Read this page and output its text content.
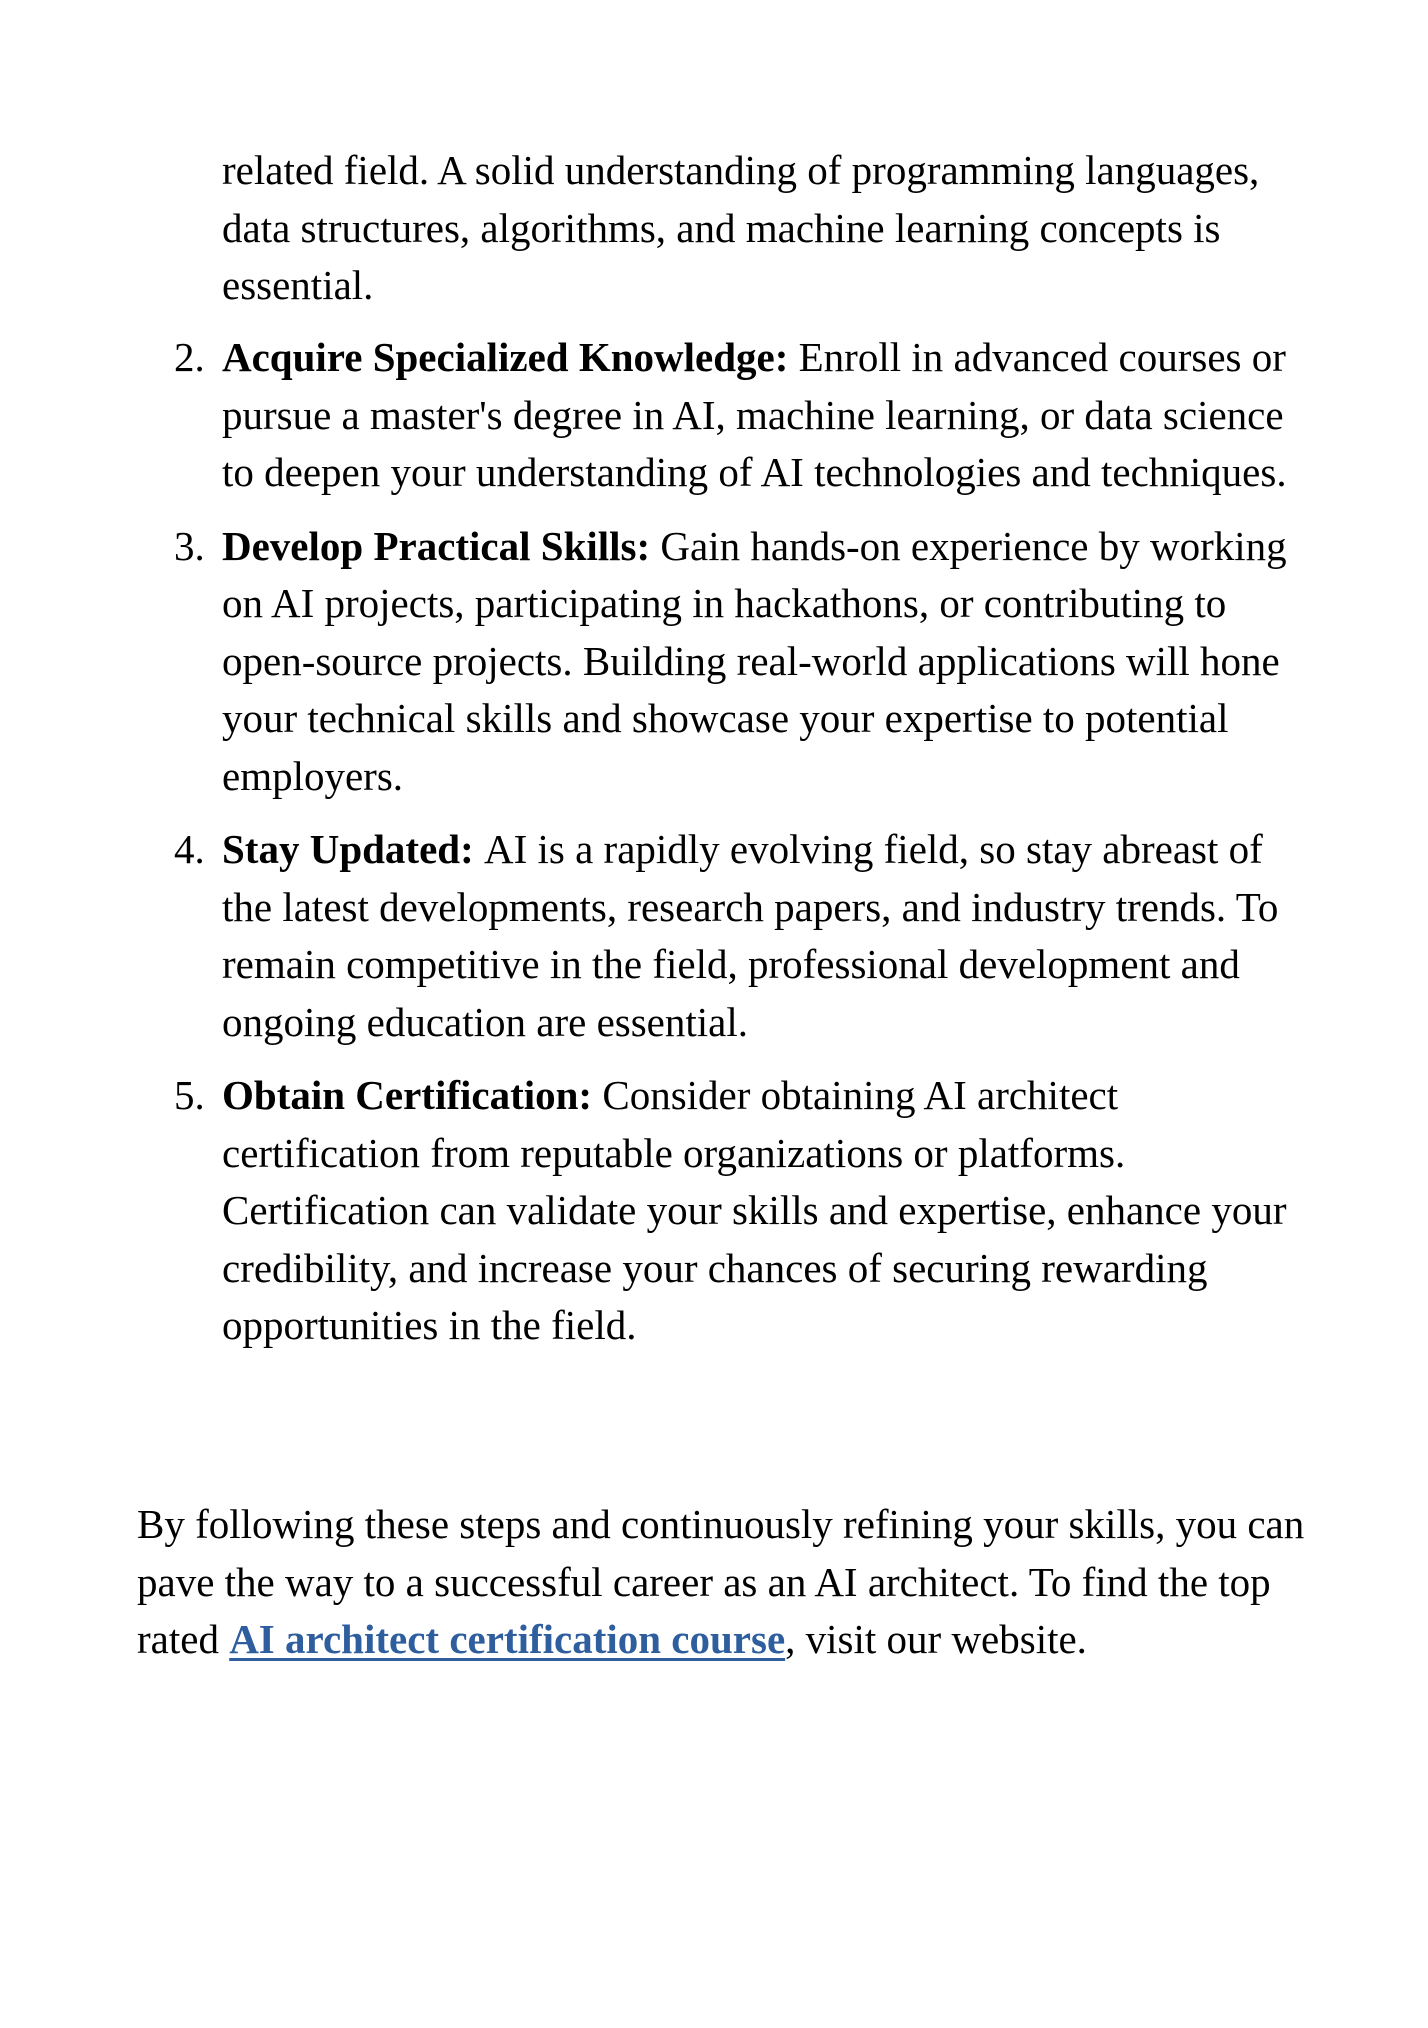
related field. A solid understanding of programming languages, data structures, algorithms, and machine learning concepts is essential.

2. Acquire Specialized Knowledge: Enroll in advanced courses or pursue a master's degree in AI, machine learning, or data science to deepen your understanding of AI technologies and techniques.
3. Develop Practical Skills: Gain hands-on experience by working on AI projects, participating in hackathons, or contributing to open-source projects. Building real-world applications will hone your technical skills and showcase your expertise to potential employers.
4. Stay Updated: AI is a rapidly evolving field, so stay abreast of the latest developments, research papers, and industry trends. To remain competitive in the field, professional development and ongoing education are essential.
5. Obtain Certification: Consider obtaining AI architect certification from reputable organizations or platforms. Certification can validate your skills and expertise, enhance your credibility, and increase your chances of securing rewarding opportunities in the field.

By following these steps and continuously refining your skills, you can pave the way to a successful career as an AI architect. To find the top rated AI architect certification course, visit our website.
